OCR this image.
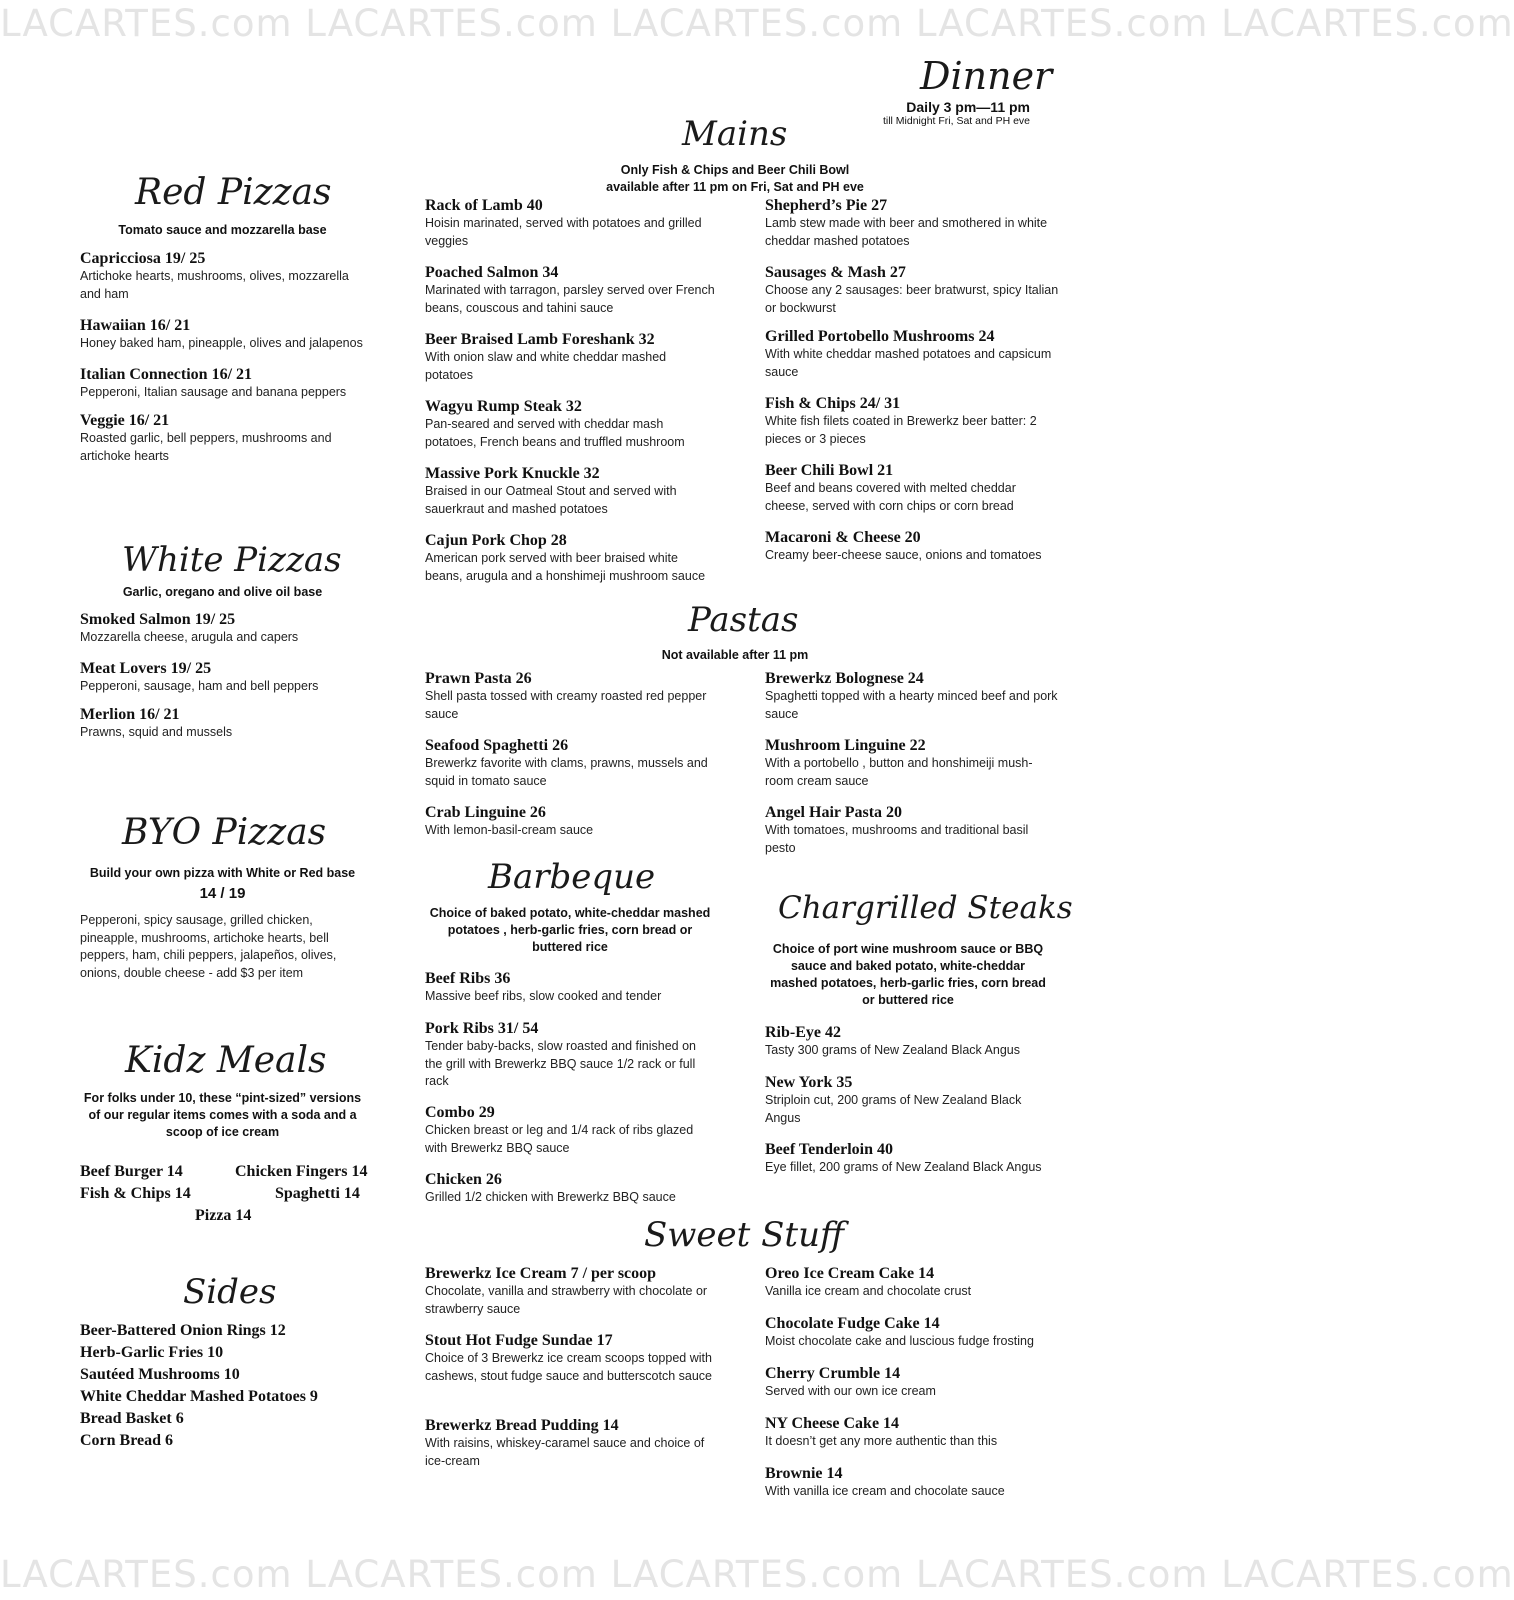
LACARTES.com LACARTES.com LACARTES.com LACARTES.com LACARTES.com
LACARTES.com LACARTES.com LACARTES.com LACARTES.com LACARTES.com
Dinner
Daily 3 pm—11 pm
till Midnight Fri, Sat and PH eve
Red Pizzas
Tomato sauce and mozzarella base
Capricciosa 19/ 25
Artichoke hearts, mushrooms, olives, mozzarella and ham
Hawaiian 16/ 21
Honey baked ham, pineapple, olives and jalapenos
Italian Connection 16/ 21
Pepperoni, Italian sausage and banana peppers
Veggie 16/ 21
Roasted garlic, bell peppers, mushrooms and artichoke hearts
White Pizzas
Garlic, oregano and olive oil base
Smoked Salmon 19/ 25
Mozzarella cheese, arugula and capers
Meat Lovers 19/ 25
Pepperoni, sausage, ham and bell peppers
Merlion 16/ 21
Prawns, squid and mussels
BYO Pizzas
Build your own pizza with White or Red base
14 / 19
Pepperoni, spicy sausage, grilled chicken, pineapple, mushrooms, artichoke hearts, bell peppers, ham, chili peppers, jalapeños, olives, onions, double cheese - add $3 per item
Kidz Meals
For folks under 10, these “pint-sized” versions of our regular items comes with a soda and a scoop of ice cream
Beef Burger 14	Chicken Fingers 14
Fish & Chips 14	Spaghetti 14
Pizza 14
Sides
Beer-Battered Onion Rings 12
Herb-Garlic Fries 10
Sautéed Mushrooms 10
White Cheddar Mashed Potatoes 9
Bread Basket 6
Corn Bread 6
Mains
Only Fish & Chips and Beer Chili Bowl available after 11 pm on Fri, Sat and PH eve
Rack of Lamb 40
Hoisin marinated, served with potatoes and grilled veggies
Poached Salmon 34
Marinated with tarragon, parsley served over French beans, couscous and tahini sauce
Beer Braised Lamb Foreshank 32
With onion slaw and white cheddar mashed potatoes
Wagyu Rump Steak 32
Pan-seared and served with cheddar mash potatoes, French beans and truffled mushroom
Massive Pork Knuckle 32
Braised in our Oatmeal Stout and served with sauerkraut and mashed potatoes
Cajun Pork Chop 28
American pork served with beer braised white beans, arugula and a honshimeji mushroom sauce
Shepherd’s Pie 27
Lamb stew made with beer and smothered in white cheddar mashed potatoes
Sausages & Mash 27
Choose any 2 sausages: beer bratwurst, spicy Italian or bockwurst
Grilled Portobello Mushrooms 24
With white cheddar mashed potatoes and capsicum sauce
Fish & Chips 24/ 31
White fish filets coated in Brewerkz beer batter: 2 pieces or 3 pieces
Beer Chili Bowl 21
Beef and beans covered with melted cheddar cheese, served with corn chips or corn bread
Macaroni & Cheese 20
Creamy beer-cheese sauce, onions and tomatoes
Pastas
Not available after 11 pm
Prawn Pasta 26
Shell pasta tossed with creamy roasted red pepper sauce
Seafood Spaghetti 26
Brewerkz favorite with clams, prawns, mussels and squid in tomato sauce
Crab Linguine 26
With lemon-basil-cream sauce
Brewerkz Bolognese 24
Spaghetti topped with a hearty minced beef and pork sauce
Mushroom Linguine 22
With a portobello , button and honshimeiji mush-room cream sauce
Angel Hair Pasta 20
With tomatoes, mushrooms and traditional basil pesto
Barbeque
Choice of baked potato, white-cheddar mashed potatoes , herb-garlic fries, corn bread or buttered rice
Beef Ribs 36
Massive beef ribs, slow cooked and tender
Pork Ribs 31/ 54
Tender baby-backs, slow roasted and finished on the grill with Brewerkz BBQ sauce 1/2 rack or full rack
Combo 29
Chicken breast or leg and 1/4 rack of ribs glazed with Brewerkz BBQ sauce
Chicken 26
Grilled 1/2 chicken with Brewerkz BBQ sauce
Chargrilled Steaks
Choice of port wine mushroom sauce or BBQ sauce and baked potato, white-cheddar mashed potatoes, herb-garlic fries, corn bread or buttered rice
Rib-Eye 42
Tasty 300 grams of New Zealand Black Angus
New York 35
Striploin cut, 200 grams of New Zealand Black Angus
Beef Tenderloin 40
Eye fillet, 200 grams of New Zealand Black Angus
Sweet Stuff
Brewerkz Ice Cream 7 / per scoop
Chocolate, vanilla and strawberry with chocolate or strawberry sauce
Stout Hot Fudge Sundae 17
Choice of 3 Brewerkz ice cream scoops topped with cashews, stout fudge sauce and butterscotch sauce
Brewerkz Bread Pudding 14
With raisins, whiskey-caramel sauce and choice of ice-cream
Oreo Ice Cream Cake 14
Vanilla ice cream and chocolate crust
Chocolate Fudge Cake 14
Moist chocolate cake and luscious fudge frosting
Cherry Crumble 14
Served with our own ice cream
NY Cheese Cake 14
It doesn’t get any more authentic than this
Brownie 14
With vanilla ice cream and chocolate sauce
